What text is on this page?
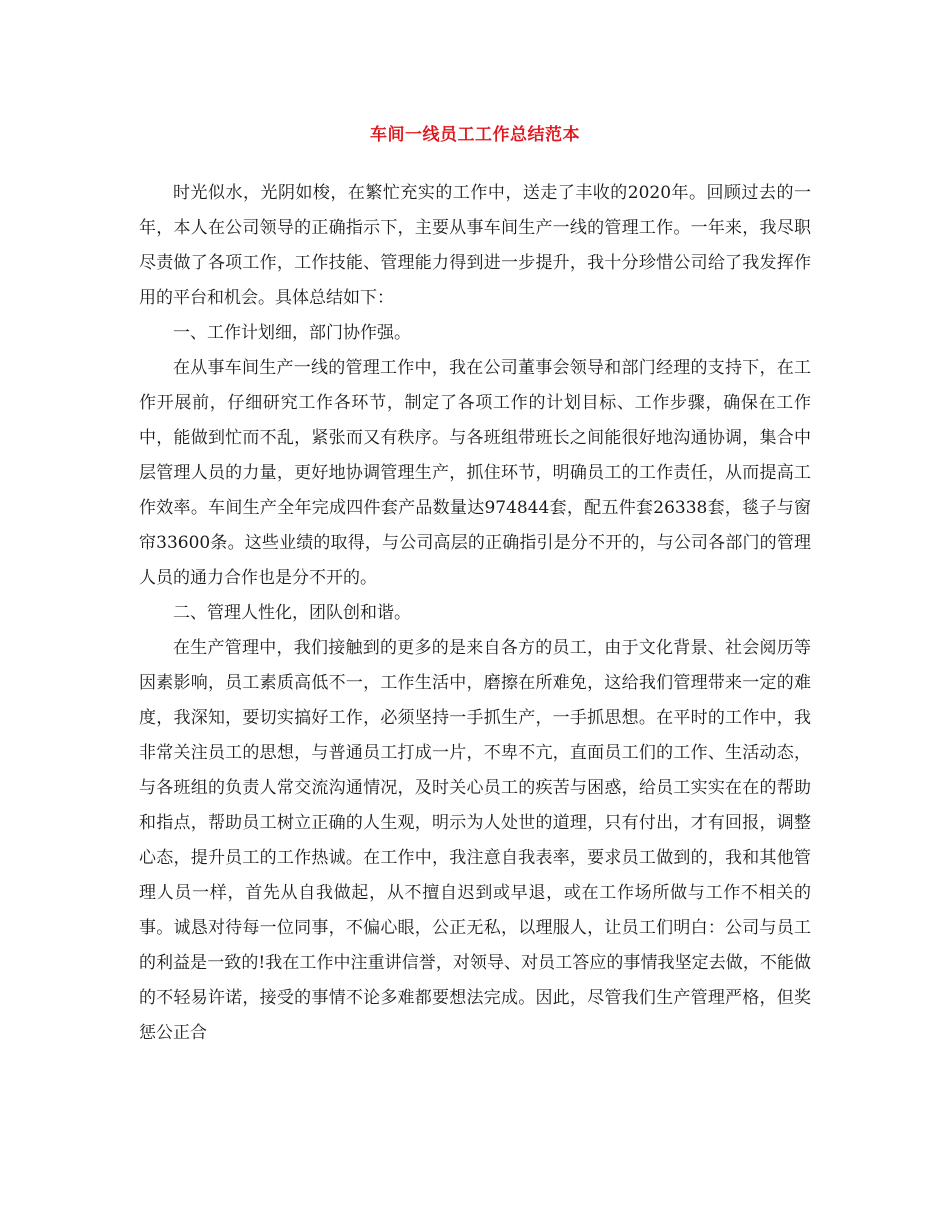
车间一线员工工作总结范本

时光似水，光阴如梭，在繁忙充实的工作中，送走了丰收的2020年。回顾过去的一年，本人在公司领导的正确指示下，主要从事车间生产一线的管理工作。一年来，我尽职尽责做了各项工作，工作技能、管理能力得到进一步提升，我十分珍惜公司给了我发挥作用的平台和机会。具体总结如下：

一、工作计划细，部门协作强。

在从事车间生产一线的管理工作中，我在公司董事会领导和部门经理的支持下，在工作开展前，仔细研究工作各环节，制定了各项工作的计划目标、工作步骤，确保在工作中，能做到忙而不乱，紧张而又有秩序。与各班组带班长之间能很好地沟通协调，集合中层管理人员的力量，更好地协调管理生产，抓住环节，明确员工的工作责任，从而提高工作效率。车间生产全年完成四件套产品数量达974844套，配五件套26338套，毯子与窗帘33600条。这些业绩的取得，与公司高层的正确指引是分不开的，与公司各部门的管理人员的通力合作也是分不开的。

二、管理人性化，团队创和谐。

在生产管理中，我们接触到的更多的是来自各方的员工，由于文化背景、社会阅历等因素影响，员工素质高低不一，工作生活中，磨擦在所难免，这给我们管理带来一定的难度，我深知，要切实搞好工作，必须坚持一手抓生产，一手抓思想。在平时的工作中，我非常关注员工的思想，与普通员工打成一片，不卑不亢，直面员工们的工作、生活动态，与各班组的负责人常交流沟通情况，及时关心员工的疾苦与困惑，给员工实实在在的帮助和指点，帮助员工树立正确的人生观，明示为人处世的道理，只有付出，才有回报，调整心态，提升员工的工作热诚。在工作中，我注意自我表率，要求员工做到的，我和其他管理人员一样，首先从自我做起，从不擅自迟到或早退，或在工作场所做与工作不相关的事。诚恳对待每一位同事，不偏心眼，公正无私，以理服人，让员工们明白：公司与员工的利益是一致的!我在工作中注重讲信誉，对领导、对员工答应的事情我坚定去做，不能做的不轻易许诺，接受的事情不论多难都要想法完成。因此，尽管我们生产管理严格，但奖惩公正合
